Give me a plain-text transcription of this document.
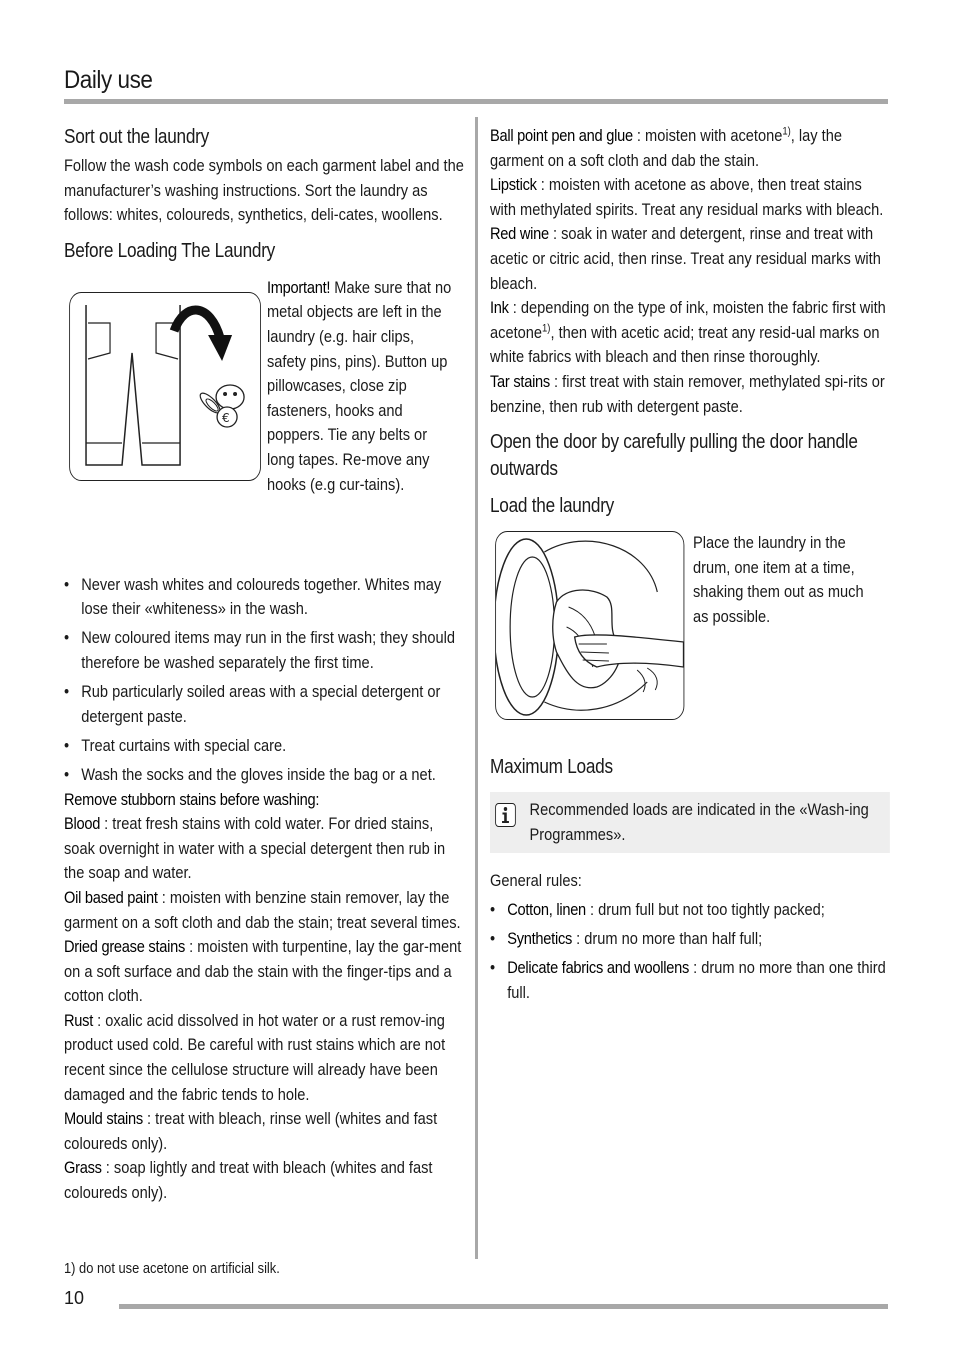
Daily use
Sort out the laundry

Follow the wash code symbols on each garment label and the manufacturer’s washing instructions. Sort the laundry as follows: whites, coloureds, synthetics, deli-cates, woollens.

Before Loading The Laundry
€
Important! Make sure that no metal objects are left in the laundry (e.g. hair clips, safety pins, pins). Button up pillowcases, close zip fasteners, hooks and poppers. Tie any belts or long tapes. Re-move any hooks (e.g cur-tains).
• Never wash whites and coloureds together. Whites may lose their «whiteness» in the wash.
• New coloured items may run in the first wash; they should therefore be washed separately the first time.
• Rub particularly soiled areas with a special detergent or detergent paste.
• Treat curtains with special care.
• Wash the socks and the gloves inside the bag or a net.

Remove stubborn stains before washing:

Blood : treat fresh stains with cold water. For dried stains, soak overnight in water with a special detergent then rub in the soap and water.

Oil based paint : moisten with benzine stain remover, lay the garment on a soft cloth and dab the stain; treat several times.

Dried grease stains : moisten with turpentine, lay the gar-ment on a soft surface and dab the stain with the finger-tips and a cotton cloth.

Rust : oxalic acid dissolved in hot water or a rust remov-ing product used cold. Be careful with rust stains which are not recent since the cellulose structure will already have been damaged and the fabric tends to hole.

Mould stains : treat with bleach, rinse well (whites and fast coloureds only).

Grass : soap lightly and treat with bleach (whites and fast coloureds only).

Ball point pen and glue : moisten with acetone$^{1)}$, lay the garment on a soft cloth and dab the stain.

Lipstick : moisten with acetone as above, then treat stains with methylated spirits. Treat any residual marks with bleach.

Red wine : soak in water and detergent, rinse and treat with acetic or citric acid, then rinse. Treat any residual marks with bleach.

Ink : depending on the type of ink, moisten the fabric first with acetone$^{1)}$, then with acetic acid; treat any resid-ual marks on white fabrics with bleach and then rinse thoroughly.

Tar stains : first treat with stain remover, methylated spi-rits or benzine, then rub with detergent paste.

Open the door by carefully pulling the door handle outwards
Load the laundry
Place the laundry in the drum, one item at a time, shaking them out as much as possible.
Maximum Loads

Recommended loads are indicated in the «Wash-ing Programmes».

General rules:

• Cotton, linen : drum full but not too tightly packed;
• Synthetics : drum no more than half full;
• Delicate fabrics and woollens : drum no more than one third full.
1) do not use acetone on artificial silk.
10
